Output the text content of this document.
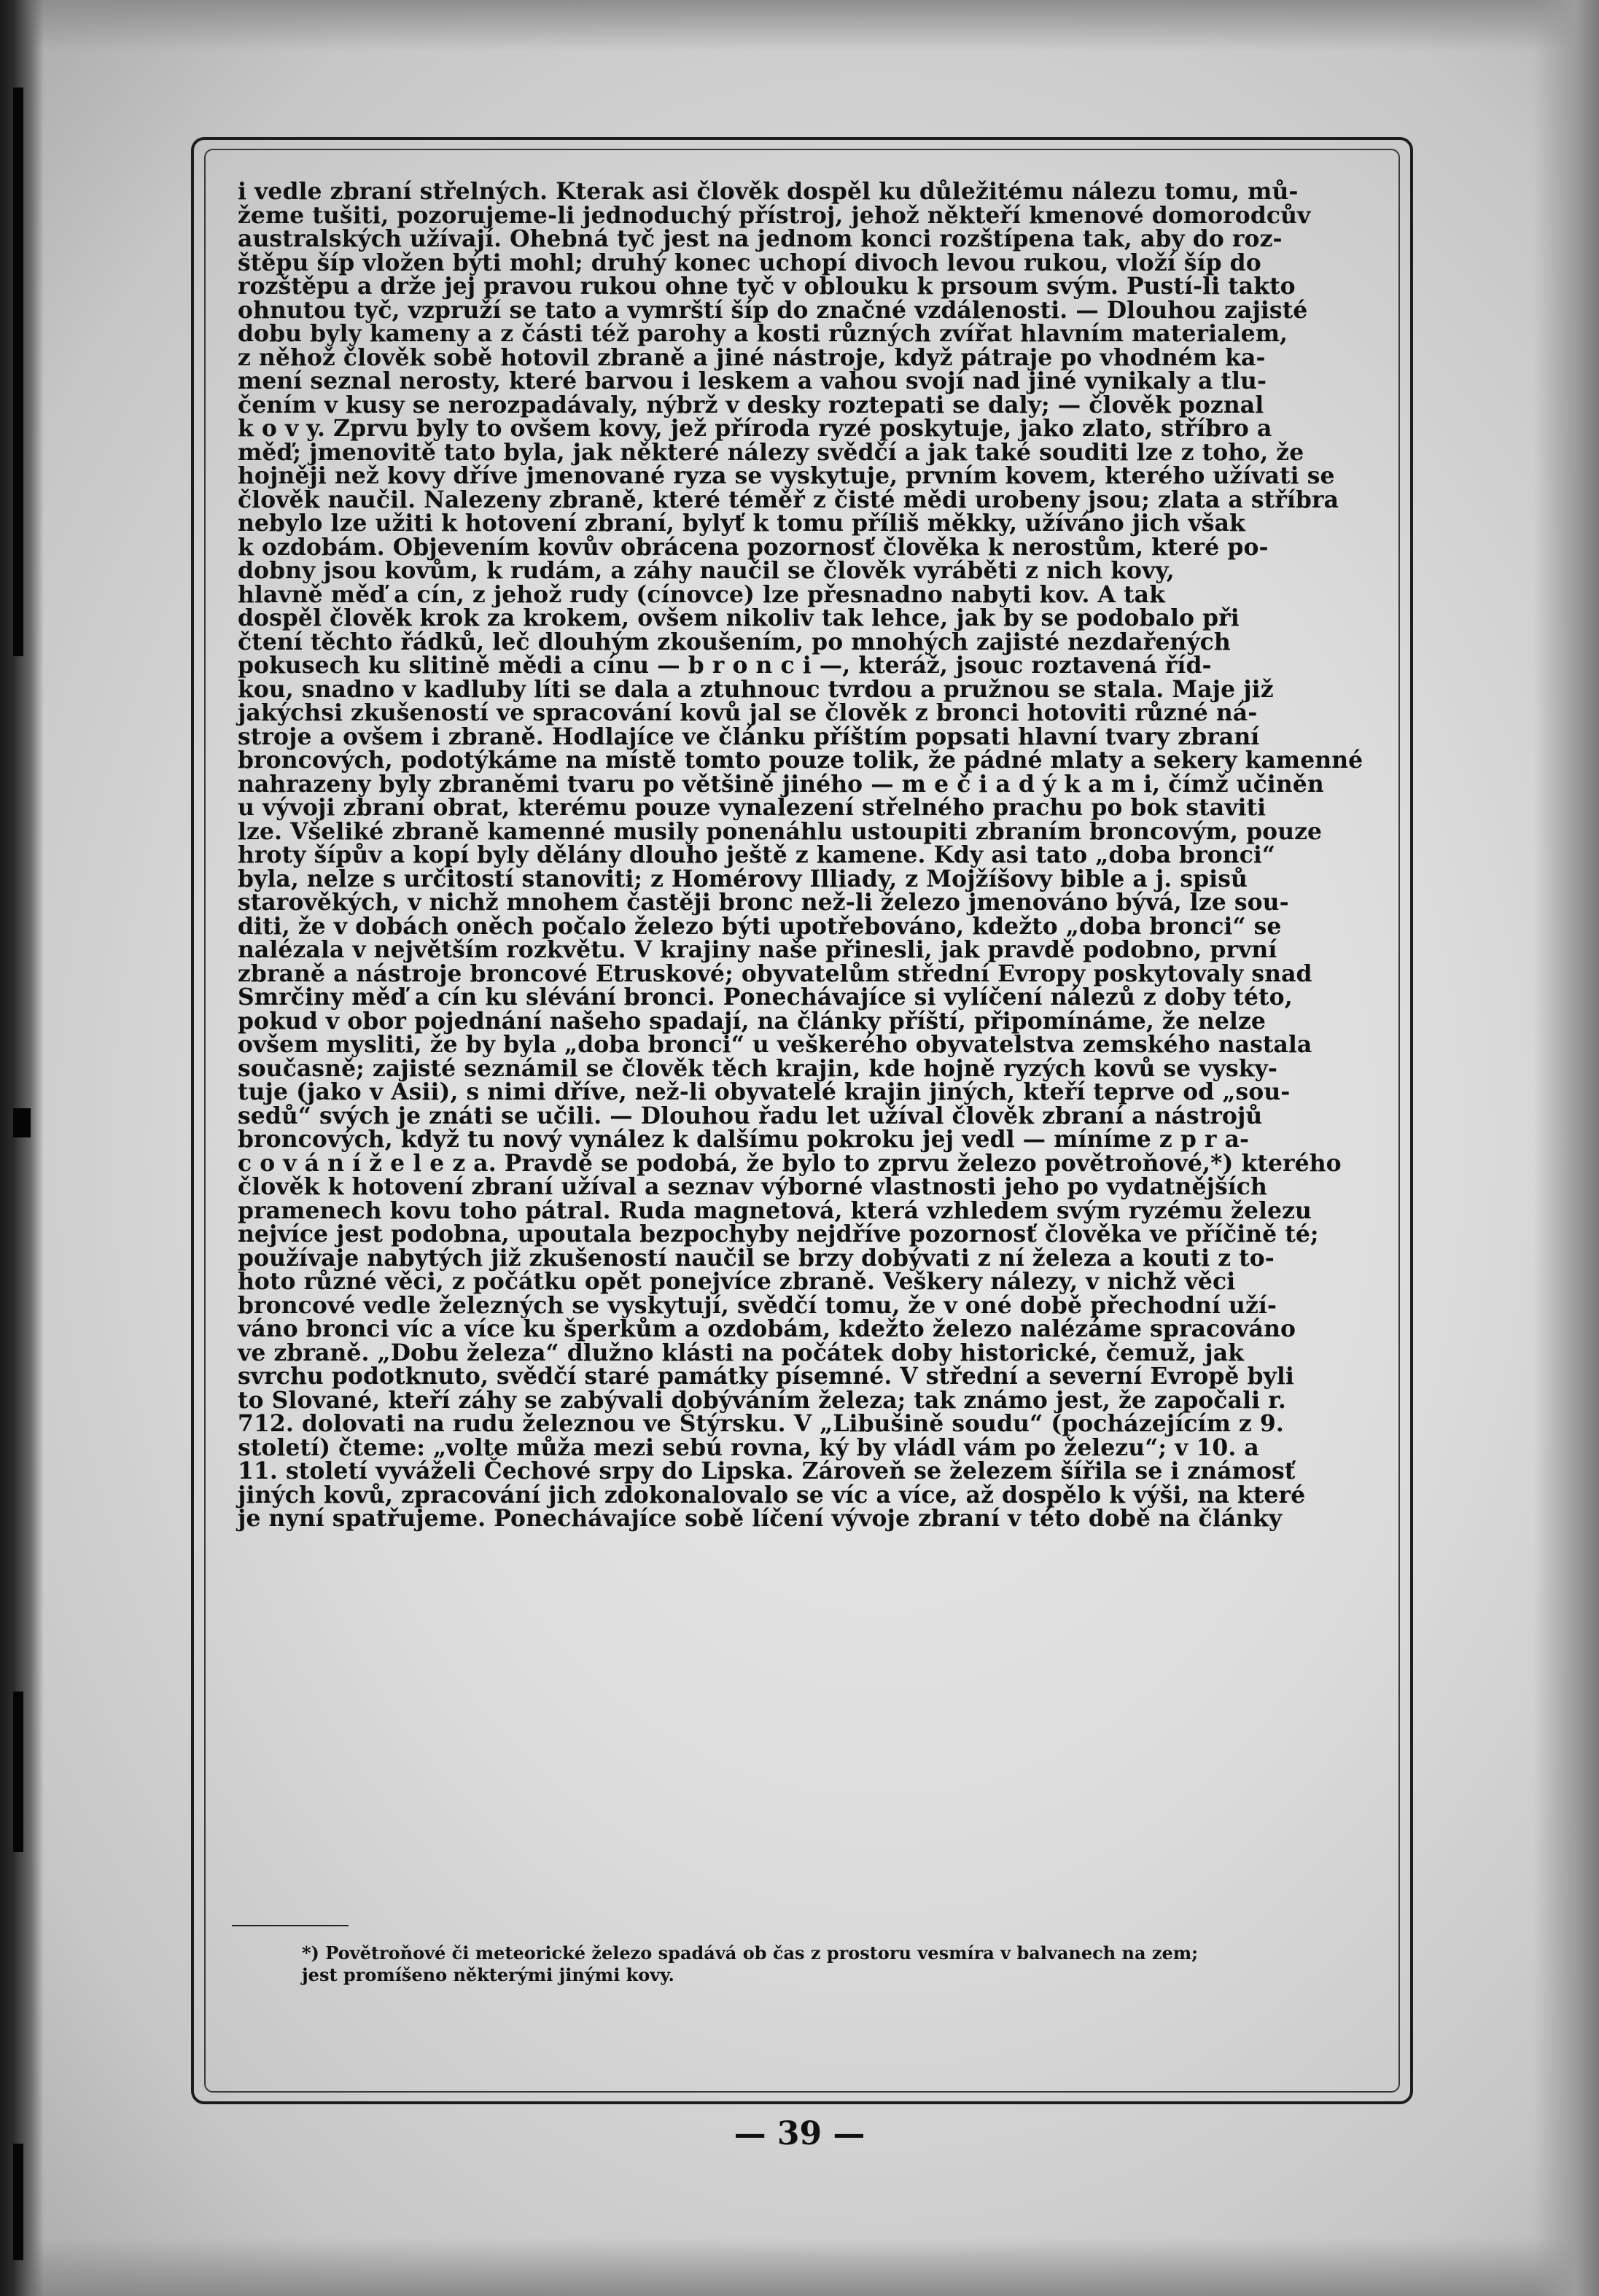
i vedle zbraní střelných. Kterak asi člověk dospěl ku důležitému nálezu tomu, mů-
žeme tušiti, pozorujeme-li jednoduchý přístroj, jehož někteří kmenové domorodcův
australských užívají. Ohebná tyč jest na jednom konci rozštípena tak, aby do roz-
štěpu šíp vložen býti mohl; druhý konec uchopí divoch levou rukou, vloží šíp do
rozštěpu a drže jej pravou rukou ohne tyč v oblouku k prsoum svým. Pustí-li takto
ohnutou tyč, vzpruží se tato a vymrští šíp do značné vzdálenosti. — Dlouhou zajisté
dobu byly kameny a z části též parohy a kosti různých zvířat hlavním materialem,
z něhož člověk sobě hotovil zbraně a jiné nástroje, když pátraje po vhodném ka-
mení seznal nerosty, které barvou i leskem a vahou svojí nad jiné vynikaly a tlu-
čením v kusy se nerozpadávaly, nýbrž v desky roztepati se daly; — člověk poznal
k o v y. Zprvu byly to ovšem kovy, jež příroda ryzé poskytuje, jako zlato, stříbro a
měď; jmenovitě tato byla, jak některé nálezy svědčí a jak také souditi lze z toho, že
hojněji než kovy dříve jmenované ryza se vyskytuje, prvním kovem, kterého užívati se
člověk naučil. Nalezeny zbraně, které téměř z čisté mědi urobeny jsou; zlata a stříbra
nebylo lze užiti k hotovení zbraní, bylyť k tomu příliš měkky, užíváno jich však
k ozdobám. Objevením kovův obrácena pozornosť člověka k nerostům, které po-
dobny jsou kovům, k rudám, a záhy naučil se člověk vyráběti z nich kovy,
hlavně měď a cín, z jehož rudy (cínovce) lze přesnadno nabyti kov. A tak
dospěl člověk krok za krokem, ovšem nikoliv tak lehce, jak by se podobalo při
čtení těchto řádků, leč dlouhým zkoušením, po mnohých zajisté nezdařených
pokusech ku slitině mědi a cínu — b r o n c i —, kteráž, jsouc roztavená říd-
kou, snadno v kadluby líti se dala a ztuhnouc tvrdou a pružnou se stala. Maje již
jakýchsi zkušeností ve spracování kovů jal se člověk z bronci hotoviti různé ná-
stroje a ovšem i zbraně. Hodlajíce ve článku příštím popsati hlavní tvary zbraní
broncových, podotýkáme na místě tomto pouze tolik, že pádné mlaty a sekery kamenné
nahrazeny byly zbraněmi tvaru po většině jiného — m e č i a d ý k a m i, čímž učiněn
u vývoji zbraní obrat, kterému pouze vynalezení střelného prachu po bok staviti
lze. Všeliké zbraně kamenné musily ponenáhlu ustoupiti zbraním broncovým, pouze
hroty šípův a kopí byly dělány dlouho ještě z kamene. Kdy asi tato „doba bronci“
byla, nelze s určitostí stanoviti; z Homérovy Illiady, z Mojžíšovy bible a j. spisů
starověkých, v nichž mnohem častěji bronc než-li železo jmenováno bývá, lze sou-
diti, že v dobách oněch počalo železo býti upotřebováno, kdežto „doba bronci“ se
nalézala v největším rozkvětu. V krajiny naše přinesli, jak pravdě podobno, první
zbraně a nástroje broncové Etruskové; obyvatelům střední Evropy poskytovaly snad
Smrčiny měď a cín ku slévání bronci. Ponechávajíce si vylíčení nálezů z doby této,
pokud v obor pojednání našeho spadají, na články příští, připomínáme, že nelze
ovšem mysliti, že by byla „doba bronci“ u veškerého obyvatelstva zemského nastala
současně; zajisté seznámil se člověk těch krajin, kde hojně ryzých kovů se vysky-
tuje (jako v Asii), s nimi dříve, než-li obyvatelé krajin jiných, kteří teprve od „sou-
sedů“ svých je znáti se učili. — Dlouhou řadu let užíval člověk zbraní a nástrojů
broncových, když tu nový vynález k dalšímu pokroku jej vedl — míníme z p r a-
c o v á n í ž e l e z a. Pravdě se podobá, že bylo to zprvu železo povětroňové,*) kterého
člověk k hotovení zbraní užíval a seznav výborné vlastnosti jeho po vydatnějších
pramenech kovu toho pátral. Ruda magnetová, která vzhledem svým ryzému železu
nejvíce jest podobna, upoutala bezpochyby nejdříve pozornosť člověka ve příčině té;
používaje nabytých již zkušeností naučil se brzy dobývati z ní železa a kouti z to-
hoto různé věci, z počátku opět ponejvíce zbraně. Veškery nálezy, v nichž věci
broncové vedle železných se vyskytují, svědčí tomu, že v oné době přechodní uží-
váno bronci víc a více ku šperkům a ozdobám, kdežto železo nalézáme spracováno
ve zbraně. „Dobu železa“ dlužno klásti na počátek doby historické, čemuž, jak
svrchu podotknuto, svědčí staré památky písemné. V střední a severní Evropě byli
to Slované, kteří záhy se zabývali dobýváním železa; tak známo jest, že započali r.
712. dolovati na rudu železnou ve Štýrsku. V „Libušině soudu“ (pocházejícím z 9.
století) čteme: „volte můža mezi sebú rovna, ký by vládl vám po železu“; v 10. a
11. století vyváželi Čechové srpy do Lipska. Zároveň se železem šířila se i známosť
jiných kovů, zpracování jich zdokonalovalo se víc a více, až dospělo k výši, na které
je nyní spatřujeme. Ponechávajíce sobě líčení vývoje zbraní v této době na články
*) Povětroňové či meteorické železo spadává ob čas z prostoru vesmíra v balvanech na zem;
jest promíšeno některými jinými kovy.
— 39 —
